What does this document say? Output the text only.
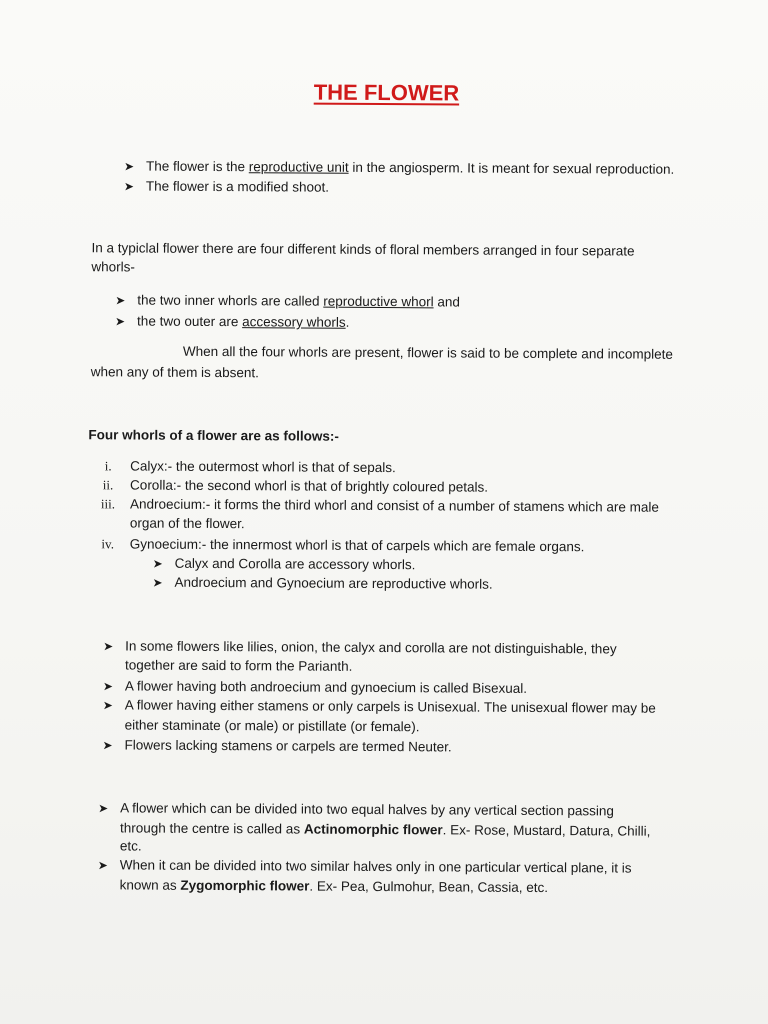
THE FLOWER
➤ The flower is the reproductive unit in the angiosperm. It is meant for sexual reproduction.
➤ The flower is a modified shoot.
In a typiclal flower there are four different kinds of floral members arranged in four separate
whorls-
➤ the two inner whorls are called reproductive whorl and
➤ the two outer are accessory whorls.
When all the four whorls are present, flower is said to be complete and incomplete
when any of them is absent.
Four whorls of a flower are as follows:-
i. Calyx:- the outermost whorl is that of sepals.
ii. Corolla:- the second whorl is that of brightly coloured petals.
iii. Androecium:- it forms the third whorl and consist of a number of stamens which are male
organ of the flower.
iv. Gynoecium:- the innermost whorl is that of carpels which are female organs.
➤ Calyx and Corolla are accessory whorls.
➤ Androecium and Gynoecium are reproductive whorls.
➤ In some flowers like lilies, onion, the calyx and corolla are not distinguishable, they
together are said to form the Parianth.
➤ A flower having both androecium and gynoecium is called Bisexual.
➤ A flower having either stamens or only carpels is Unisexual. The unisexual flower may be
either staminate (or male) or pistillate (or female).
➤ Flowers lacking stamens or carpels are termed Neuter.
➤ A flower which can be divided into two equal halves by any vertical section passing
through the centre is called as Actinomorphic flower. Ex- Rose, Mustard, Datura, Chilli,
etc.
➤ When it can be divided into two similar halves only in one particular vertical plane, it is
known as Zygomorphic flower. Ex- Pea, Gulmohur, Bean, Cassia, etc.
